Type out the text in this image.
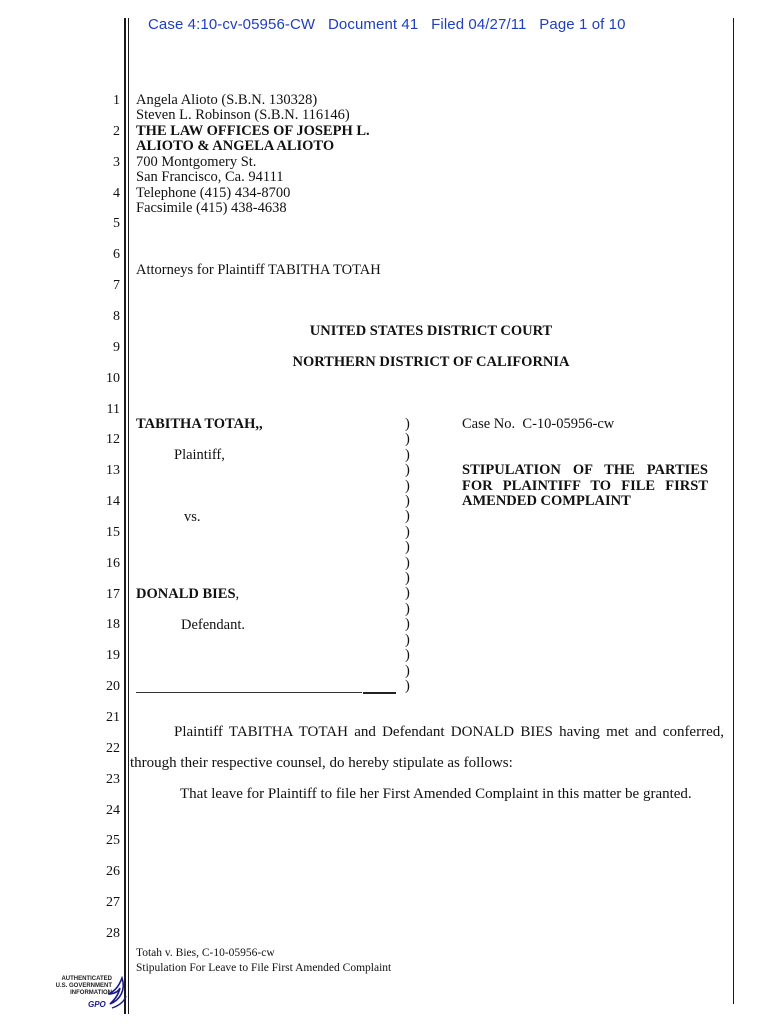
Case 4:10-cv-05956-CW Document 41 Filed 04/27/11 Page 1 of 10
1
2
3
4
5
6
7
8
9
10
11
12
13
14
15
16
17
18
19
20
21
22
23
24
25
26
27
28
Angela Alioto (S.B.N. 130328)
Steven L. Robinson (S.B.N. 116146)
THE LAW OFFICES OF JOSEPH L.
ALIOTO & ANGELA ALIOTO
700 Montgomery St.
San Francisco, Ca. 94111
Telephone (415) 434-8700
Facsimile (415) 438-4638
Attorneys for Plaintiff TABITHA TOTAH
UNITED STATES DISTRICT COURT
NORTHERN DISTRICT OF CALIFORNIA
TABITHA TOTAH,,
Plaintiff,
vs.
DONALD BIES,
Defendant.
)
)
)
)
)
)
)
)
)
)
)
)
)
)
)
)
)
)
Case No.  C-10-05956-cw
STIPULATION OF THE PARTIES FOR PLAINTIFF TO FILE FIRST AMENDED COMPLAINT
Plaintiff TABITHA TOTAH and Defendant DONALD BIES having met and conferred, through their respective counsel, do hereby stipulate as follows:
That leave for Plaintiff to file her First Amended Complaint in this matter be granted.
Totah v. Bies, C-10-05956-cw
Stipulation For Leave to File First Amended Complaint
AUTHENTICATED
U.S. GOVERNMENT
INFORMATION
GPO
